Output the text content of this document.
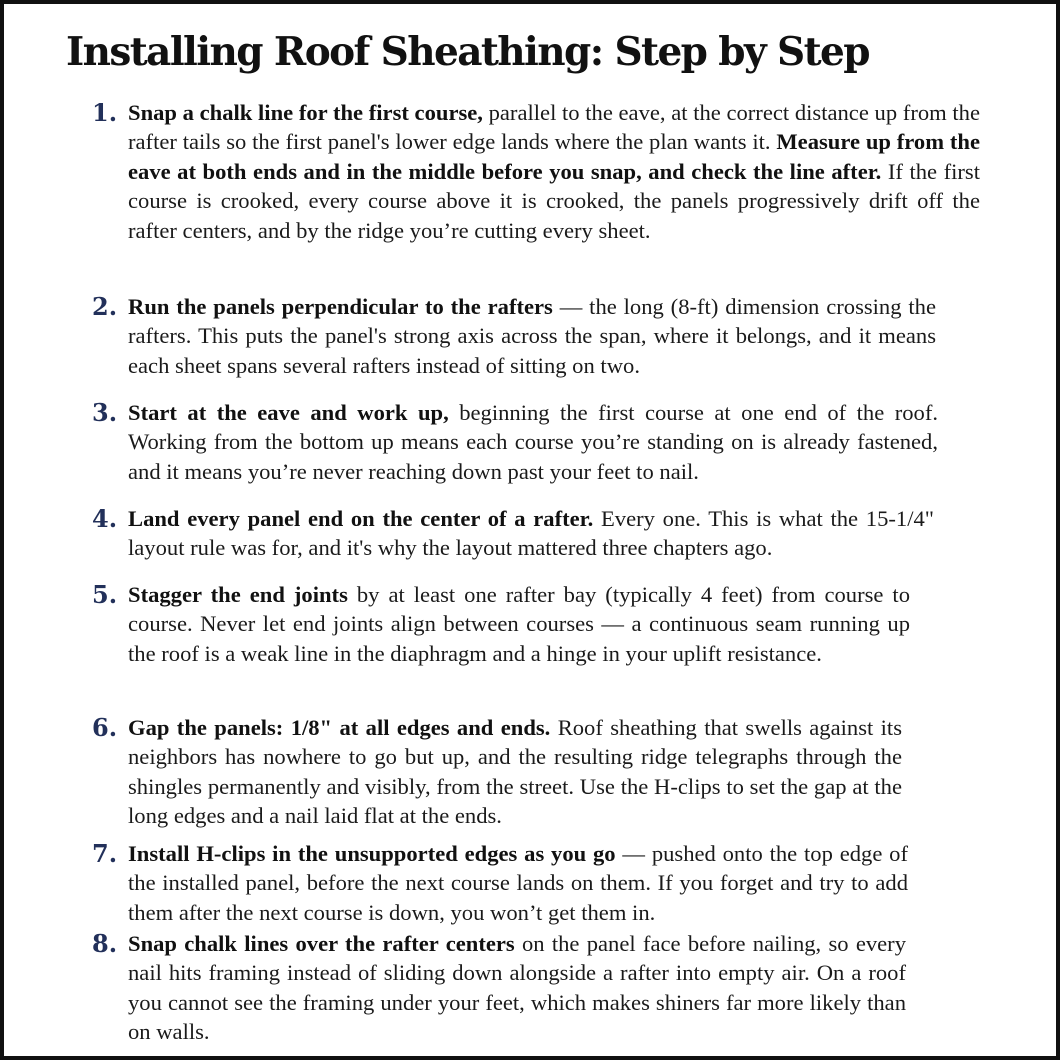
Installing Roof Sheathing: Step by Step
1. Snap a chalk line for the first course, parallel to the eave, at the correct distance up from the rafter tails so the first panel's lower edge lands where the plan wants it. Measure up from the eave at both ends and in the middle before you snap, and check the line after. If the first course is crooked, every course above it is crooked, the panels progressively drift off the rafter centers, and by the ridge you’re cutting every sheet.
2. Run the panels perpendicular to the rafters — the long (8-ft) dimension crossing the rafters. This puts the panel's strong axis across the span, where it belongs, and it means each sheet spans several rafters instead of sitting on two.
3. Start at the eave and work up, beginning the first course at one end of the roof. Working from the bottom up means each course you’re standing on is already fastened, and it means you’re never reaching down past your feet to nail.
4. Land every panel end on the center of a rafter. Every one. This is what the 15-1/4" layout rule was for, and it's why the layout mattered three chapters ago.
5. Stagger the end joints by at least one rafter bay (typically 4 feet) from course to course. Never let end joints align between courses — a continuous seam running up the roof is a weak line in the diaphragm and a hinge in your uplift resistance.
6. Gap the panels: 1/8" at all edges and ends. Roof sheathing that swells against its neighbors has nowhere to go but up, and the resulting ridge telegraphs through the shingles permanently and visibly, from the street. Use the H-clips to set the gap at the long edges and a nail laid flat at the ends.
7. Install H-clips in the unsupported edges as you go — pushed onto the top edge of the installed panel, before the next course lands on them. If you forget and try to add them after the next course is down, you won’t get them in.
8. Snap chalk lines over the rafter centers on the panel face before nailing, so every nail hits framing instead of sliding down alongside a rafter into empty air. On a roof you cannot see the framing under your feet, which makes shiners far more likely than on walls.
